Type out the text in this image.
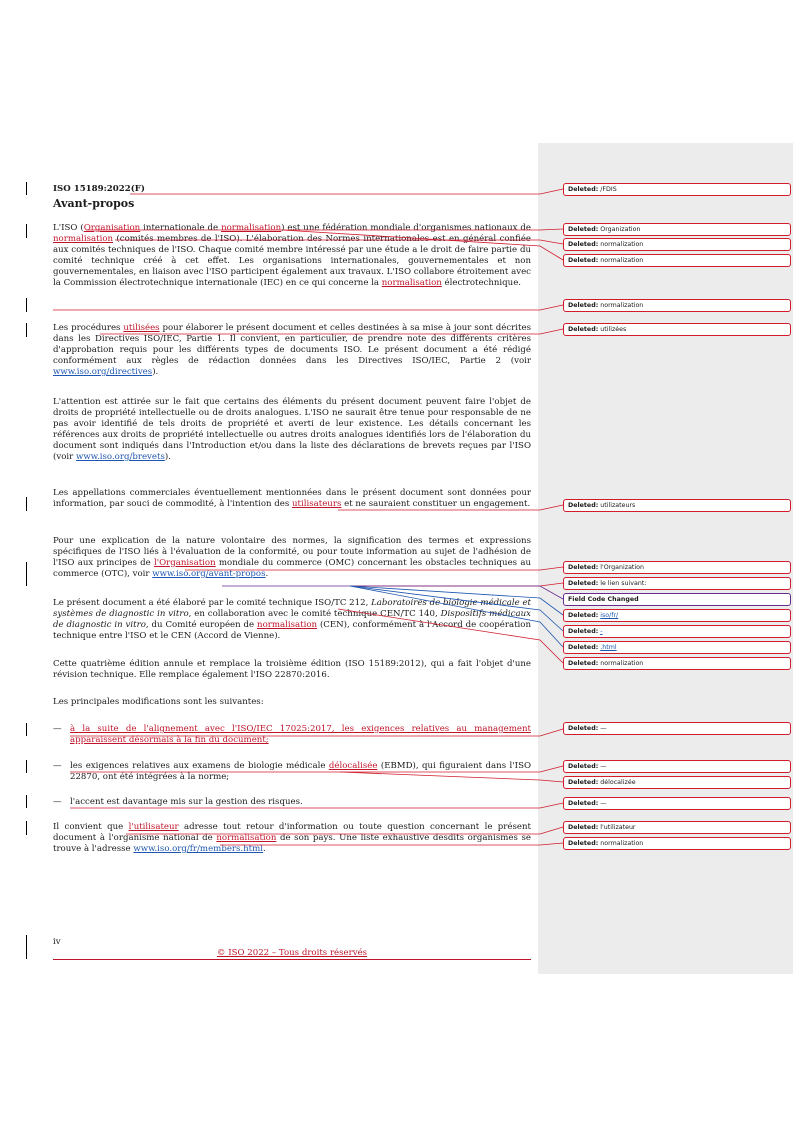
ISO 15189:2022(F)
Avant-propos

L'ISO (Organisation internationale de normalisation) est une fédération mondiale d'organismes nationaux de normalisation (comités membres de l'ISO). L'élaboration des Normes internationales est en général confiée aux comités techniques de l'ISO. Chaque comité membre intéressé par une étude a le droit de faire partie du comité technique créé à cet effet. Les organisations internationales, gouvernementales et non gouvernementales, en liaison avec l'ISO participent également aux travaux. L'ISO collabore étroitement avec la Commission électrotechnique internationale (IEC) en ce qui concerne la normalisation électrotechnique.

Les procédures utilisées pour élaborer le présent document et celles destinées à sa mise à jour sont décrites dans les Directives ISO/IEC, Partie 1. Il convient, en particulier, de prendre note des différents critères d'approbation requis pour les différents types de documents ISO. Le présent document a été rédigé conformément aux règles de rédaction données dans les Directives ISO/IEC, Partie 2 (voir www.iso.org/directives).

L'attention est attirée sur le fait que certains des éléments du présent document peuvent faire l'objet de droits de propriété intellectuelle ou de droits analogues. L'ISO ne saurait être tenue pour responsable de ne pas avoir identifié de tels droits de propriété et averti de leur existence. Les détails concernant les références aux droits de propriété intellectuelle ou autres droits analogues identifiés lors de l'élaboration du document sont indiqués dans l'Introduction et/ou dans la liste des déclarations de brevets reçues par l'ISO (voir www.iso.org/brevets).

Les appellations commerciales éventuellement mentionnées dans le présent document sont données pour information, par souci de commodité, à l'intention des utilisateurs et ne sauraient constituer un engagement.

Pour une explication de la nature volontaire des normes, la signification des termes et expressions spécifiques de l'ISO liés à l'évaluation de la conformité, ou pour toute information au sujet de l'adhésion de l'ISO aux principes de l'Organisation mondiale du commerce (OMC) concernant les obstacles techniques au commerce (OTC), voir www.iso.org/avant-propos.

Le présent document a été élaboré par le comité technique ISO/TC 212, Laboratoires de biologie médicale et systèmes de diagnostic in vitro, en collaboration avec le comité technique CEN/TC 140, Dispositifs médicaux de diagnostic in vitro, du Comité européen de normalisation (CEN), conformément à l'Accord de coopération technique entre l'ISO et le CEN (Accord de Vienne).

Cette quatrième édition annule et remplace la troisième édition (ISO 15189:2012), qui a fait l'objet d'une révision technique. Elle remplace également l'ISO 22870:2016.

Les principales modifications sont les suivantes:

— à la suite de l'alignement avec l'ISO/IEC 17025:2017, les exigences relatives au management apparaissent désormais à la fin du document;
— les exigences relatives aux examens de biologie médicale délocalisée (EBMD), qui figuraient dans l'ISO 22870, ont été intégrées à la norme;
— l'accent est davantage mis sur la gestion des risques.

Il convient que l'utilisateur adresse tout retour d'information ou toute question concernant le présent document à l'organisme national de normalisation de son pays. Une liste exhaustive desdits organismes se trouve à l'adresse www.iso.org/fr/members.html.

Deleted: /FDIS
Deleted: Organization
Deleted: normalization
Deleted: normalization
Deleted: normalization
Deleted: utilizées
Deleted: utilizateurs
Deleted: l'Organization
Deleted: le lien suivant:
Field Code Changed
Deleted: iso/fr/
Deleted: -
Deleted: .html
Deleted: normalization
Deleted: —
Deleted: —
Deleted: délocalizée
Deleted: —
Deleted: l'utilizateur
Deleted: normalization
iv
© ISO 2022 – Tous droits réservés
